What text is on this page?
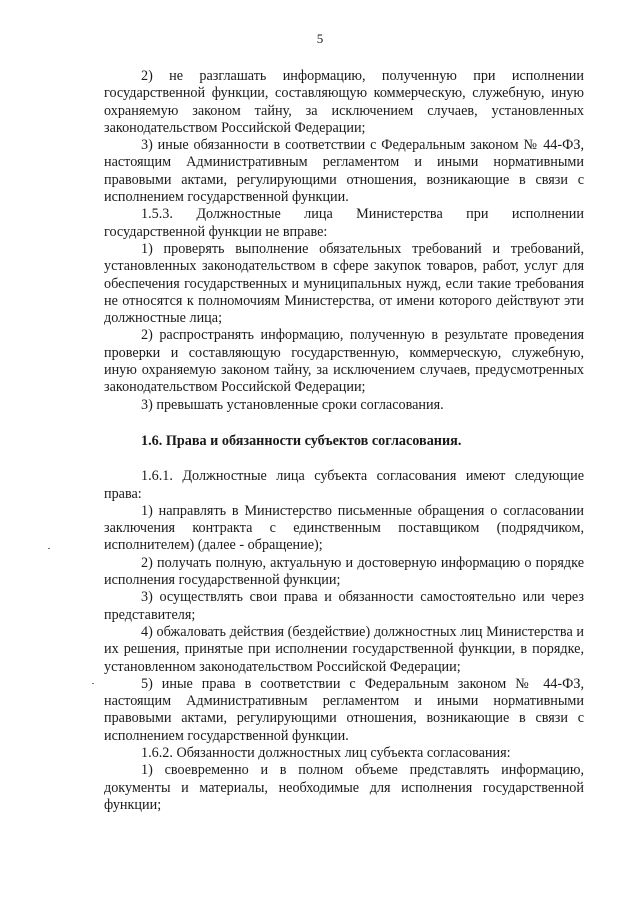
5

2) не разглашать информацию, полученную при исполнении государственной функции, составляющую коммерческую, служебную, иную охраняемую законом тайну, за исключением случаев, установленных законодательством Российской Федерации;

3) иные обязанности в соответствии с Федеральным законом № 44-ФЗ, настоящим Административным регламентом и иными нормативными правовыми актами, регулирующими отношения, возникающие в связи с исполнением государственной функции.

1.5.3. Должностные лица Министерства при исполнении государственной функции не вправе:

1) проверять выполнение обязательных требований и требований, установленных законодательством в сфере закупок товаров, работ, услуг для обеспечения государственных и муниципальных нужд, если такие требования не относятся к полномочиям Министерства, от имени которого действуют эти должностные лица;

2) распространять информацию, полученную в результате проведения проверки и составляющую государственную, коммерческую, служебную, иную охраняемую законом тайну, за исключением случаев, предусмотренных законодательством Российской Федерации;

3) превышать установленные сроки согласования.

1.6. Права и обязанности субъектов согласования.

1.6.1. Должностные лица субъекта согласования имеют следующие права:

1) направлять в Министерство письменные обращения о согласовании заключения контракта с единственным поставщиком (подрядчиком, исполнителем) (далее - обращение);

2) получать полную, актуальную и достоверную информацию о порядке исполнения государственной функции;

3) осуществлять свои права и обязанности самостоятельно или через представителя;

4) обжаловать действия (бездействие) должностных лиц Министерства и их решения, принятые при исполнении государственной функции, в порядке, установленном законодательством Российской Федерации;

5) иные права в соответствии с Федеральным законом № 44-ФЗ, настоящим Административным регламентом и иными нормативными правовыми актами, регулирующими отношения, возникающие в связи с исполнением государственной функции.

1.6.2. Обязанности должностных лиц субъекта согласования:

1) своевременно и в полном объеме представлять информацию, документы и материалы, необходимые для исполнения государственной функции;
